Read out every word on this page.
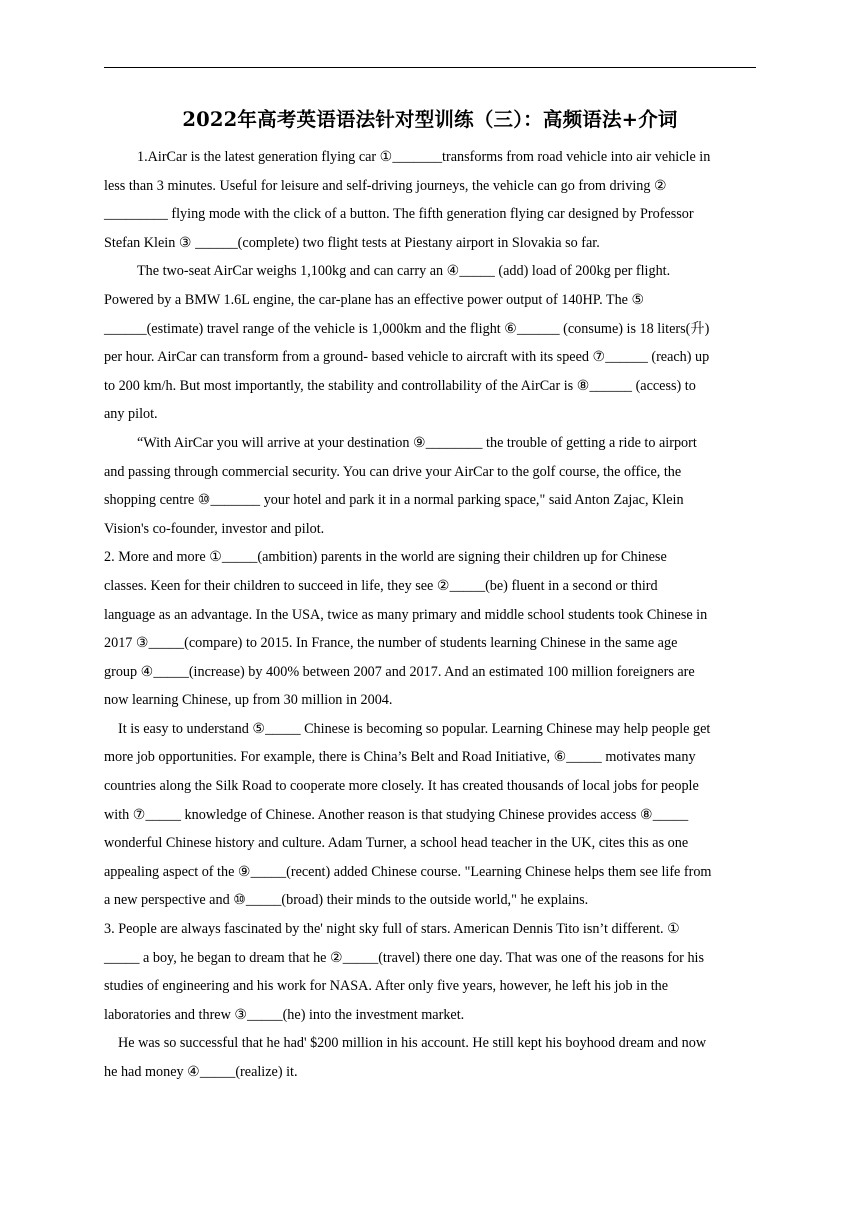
2022年高考英语语法针对型训练（三）：高频语法+介词
1.AirCar is the latest generation flying car ①_______transforms from road vehicle into air vehicle in
less than 3 minutes. Useful for leisure and self-driving journeys, the vehicle can go from driving ②
_________ flying mode with the click of a button. The fifth generation flying car designed by Professor
Stefan Klein ③ ______(complete) two flight tests at Piestany airport in Slovakia so far.
The two-seat AirCar weighs 1,100kg and can carry an ④_____ (add) load of 200kg per flight.
Powered by a BMW 1.6L engine, the car-plane has an effective power output of 140HP. The ⑤
______(estimate) travel range of the vehicle is 1,000km and the flight ⑥______ (consume) is 18 liters(升)
per hour. AirCar can transform from a ground- based vehicle to aircraft with its speed ⑦______ (reach) up
to 200 km/h. But most importantly, the stability and controllability of the AirCar is ⑧______ (access) to
any pilot.
“With AirCar you will arrive at your destination ⑨________ the trouble of getting a ride to airport
and passing through commercial security. You can drive your AirCar to the golf course, the office, the
shopping centre ⑩_______ your hotel and park it in a normal parking space," said Anton Zajac, Klein
Vision's co-founder, investor and pilot.
2. More and more ①_____(ambition) parents in the world are signing their children up for Chinese
classes. Keen for their children to succeed in life, they see ②_____(be) fluent in a second or third
language as an advantage. In the USA, twice as many primary and middle school students took Chinese in
2017 ③_____(compare) to 2015. In France, the number of students learning Chinese in the same age
group ④_____(increase) by 400% between 2007 and 2017. And an estimated 100 million foreigners are
now learning Chinese, up from 30 million in 2004.
It is easy to understand ⑤_____ Chinese is becoming so popular. Learning Chinese may help people get
more job opportunities. For example, there is China’s Belt and Road Initiative, ⑥_____ motivates many
countries along the Silk Road to cooperate more closely. It has created thousands of local jobs for people
with ⑦_____ knowledge of Chinese. Another reason is that studying Chinese provides access ⑧_____
wonderful Chinese history and culture. Adam Turner, a school head teacher in the UK, cites this as one
appealing aspect of the ⑨_____(recent) added Chinese course. "Learning Chinese helps them see life from
a new perspective and ⑩_____(broad) their minds to the outside world," he explains.
3. People are always fascinated by the' night sky full of stars. American Dennis Tito isn’t different. ①
_____ a boy, he began to dream that he ②_____(travel) there one day. That was one of the reasons for his
studies of engineering and his work for NASA. After only five years, however, he left his job in the
laboratories and threw ③_____(he) into the investment market.
He was so successful that he had' $200 million in his account. He still kept his boyhood dream and now
he had money ④_____(realize) it.
